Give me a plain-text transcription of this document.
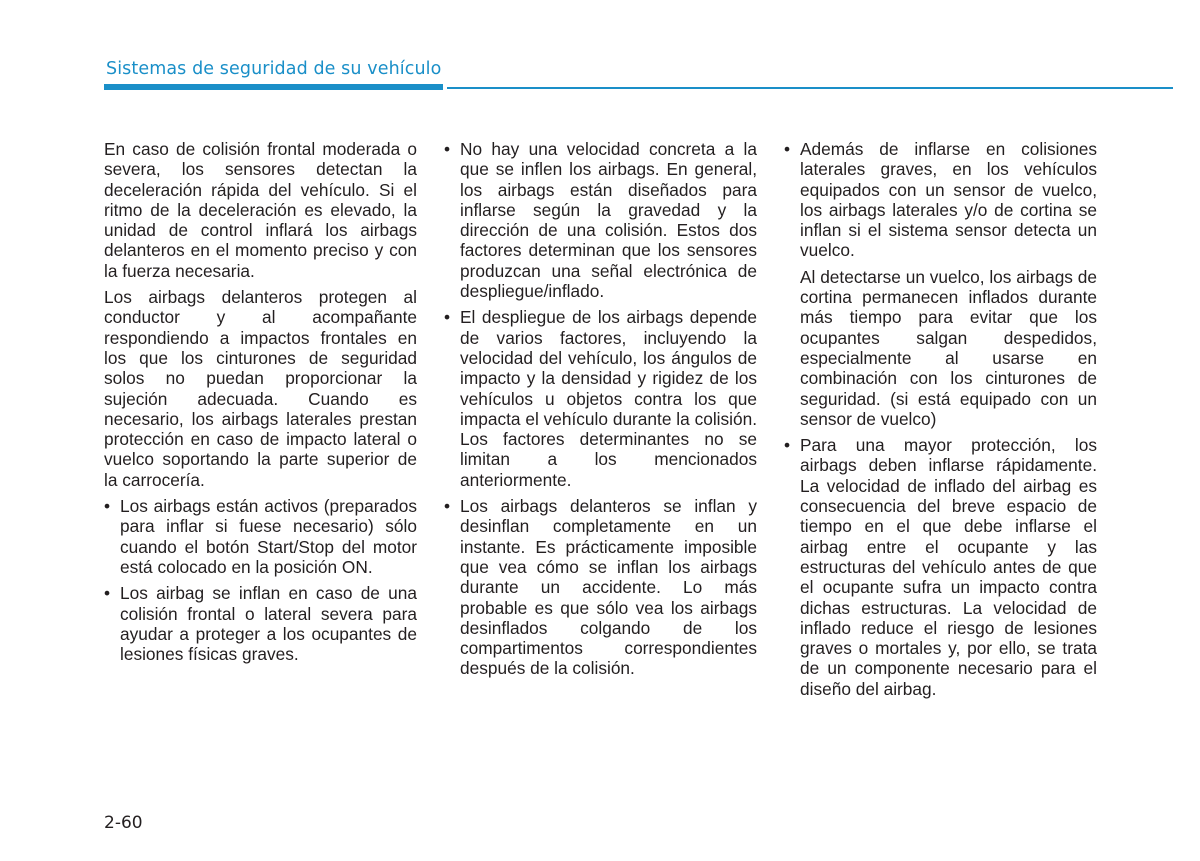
Sistemas de seguridad de su vehículo

En caso de colisión frontal moderada o severa, los sensores detectan la deceleración rápida del vehículo. Si el ritmo de la deceleración es elevado, la unidad de control inflará los airbags delanteros en el momento preciso y con la fuerza necesaria.

Los airbags delanteros protegen al conductor y al acompañante respondiendo a impactos frontales en los que los cinturones de seguridad solos no puedan proporcionar la sujeción adecuada. Cuando es necesario, los airbags laterales prestan protección en caso de impacto lateral o vuelco soportando la parte superior de la carrocería.

• Los airbags están activos (preparados para inflar si fuese necesario) sólo cuando el botón Start/Stop del motor está colocado en la posición ON.
• Los airbag se inflan en caso de una colisión frontal o lateral severa para ayudar a proteger a los ocupantes de lesiones físicas graves.
• No hay una velocidad concreta a la que se inflen los airbags. En general, los airbags están diseñados para inflarse según la gravedad y la dirección de una colisión. Estos dos factores determinan que los sensores produzcan una señal electrónica de despliegue/inflado.
• El despliegue de los airbags depende de varios factores, incluyendo la velocidad del vehículo, los ángulos de impacto y la densidad y rigidez de los vehículos u objetos contra los que impacta el vehículo durante la colisión. Los factores determinantes no se limitan a los mencionados anteriormente.
• Los airbags delanteros se inflan y desinflan completamente en un instante. Es prácticamente imposible que vea cómo se inflan los airbags durante un accidente. Lo más probable es que sólo vea los airbags desinflados colgando de los compartimentos correspondientes después de la colisión.
• Además de inflarse en colisiones laterales graves, en los vehículos equipados con un sensor de vuelco, los airbags laterales y/o de cortina se inflan si el sistema sensor detecta un vuelco.
Al detectarse un vuelco, los airbags de cortina permanecen inflados durante más tiempo para evitar que los ocupantes salgan despedidos, especialmente al usarse en combinación con los cinturones de seguridad. (si está equipado con un sensor de vuelco)
• Para una mayor protección, los airbags deben inflarse rápidamente. La velocidad de inflado del airbag es consecuencia del breve espacio de tiempo en el que debe inflarse el airbag entre el ocupante y las estructuras del vehículo antes de que el ocupante sufra un impacto contra dichas estructuras. La velocidad de inflado reduce el riesgo de lesiones graves o mortales y, por ello, se trata de un componente necesario para el diseño del airbag.
2-60
